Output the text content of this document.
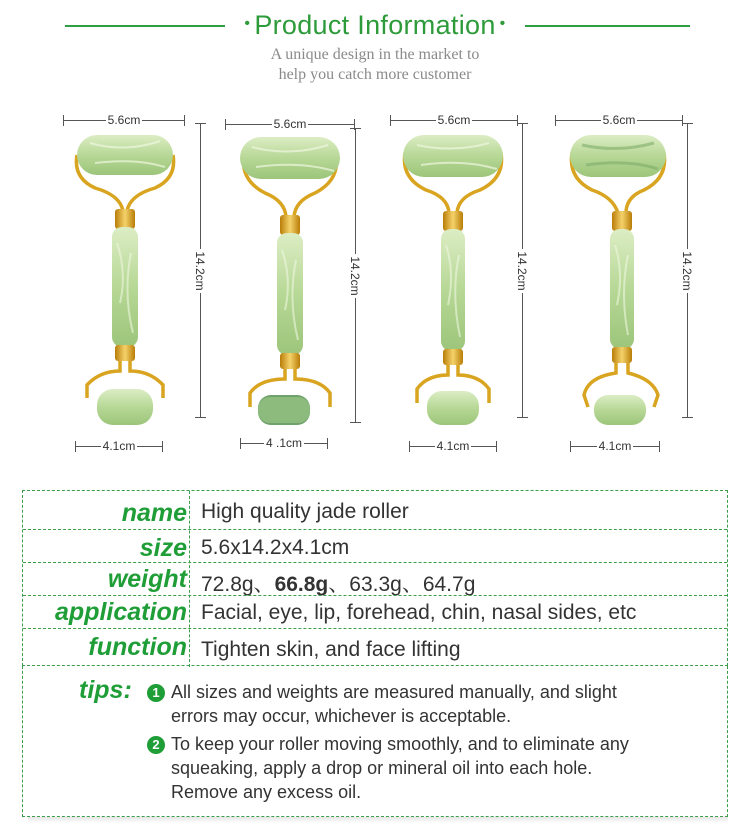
• Product Information •
A unique design in the market to
help you catch more customer
5.6cm
14.2cm
4.1cm
5.6cm
14.2cm
4 .1cm
5.6cm
14.2cm
4.1cm
5.6cm
14.2cm
4.1cm
name High quality jade roller
size 5.6x14.2x4.1cm
weight 72.8g、66.8g、63.3g、64.7g
application Facial, eye, lip, forehead, chin, nasal sides, etc
function Tighten skin, and face lifting
tips:	1 All sizes and weights are measured manually, and slight
errors may occur, whichever is acceptable.
2 To keep your roller moving smoothly, and to eliminate any
squeaking, apply a drop or mineral oil into each hole.
Remove any excess oil.
